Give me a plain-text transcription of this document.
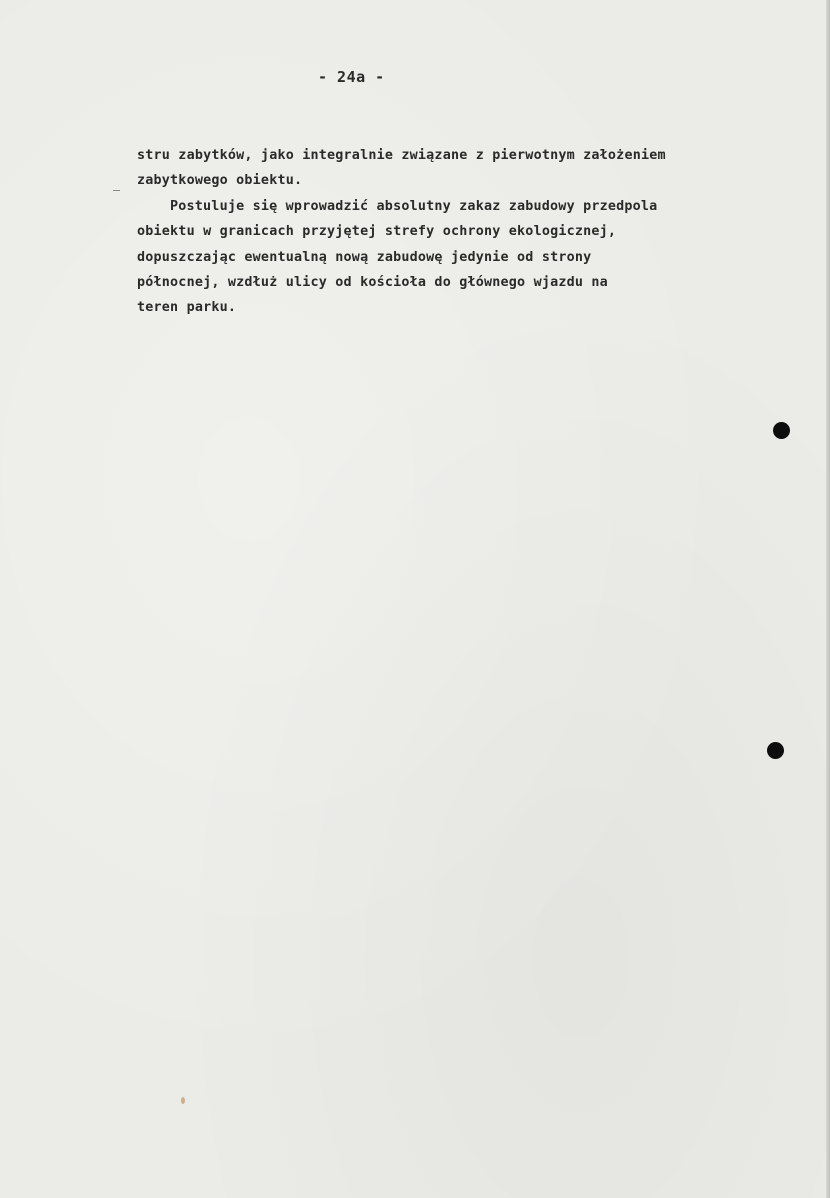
- 24a -
stru zabytków, jako integralnie związane z pierwotnym założeniem
zabytkowego obiektu.
Postuluje się wprowadzić absolutny zakaz zabudowy przedpola
obiektu w granicach przyjętej strefy ochrony ekologicznej,
dopuszczając ewentualną nową zabudowę jedynie od strony
północnej, wzdłuż ulicy od kościoła do głównego wjazdu na
teren parku.
